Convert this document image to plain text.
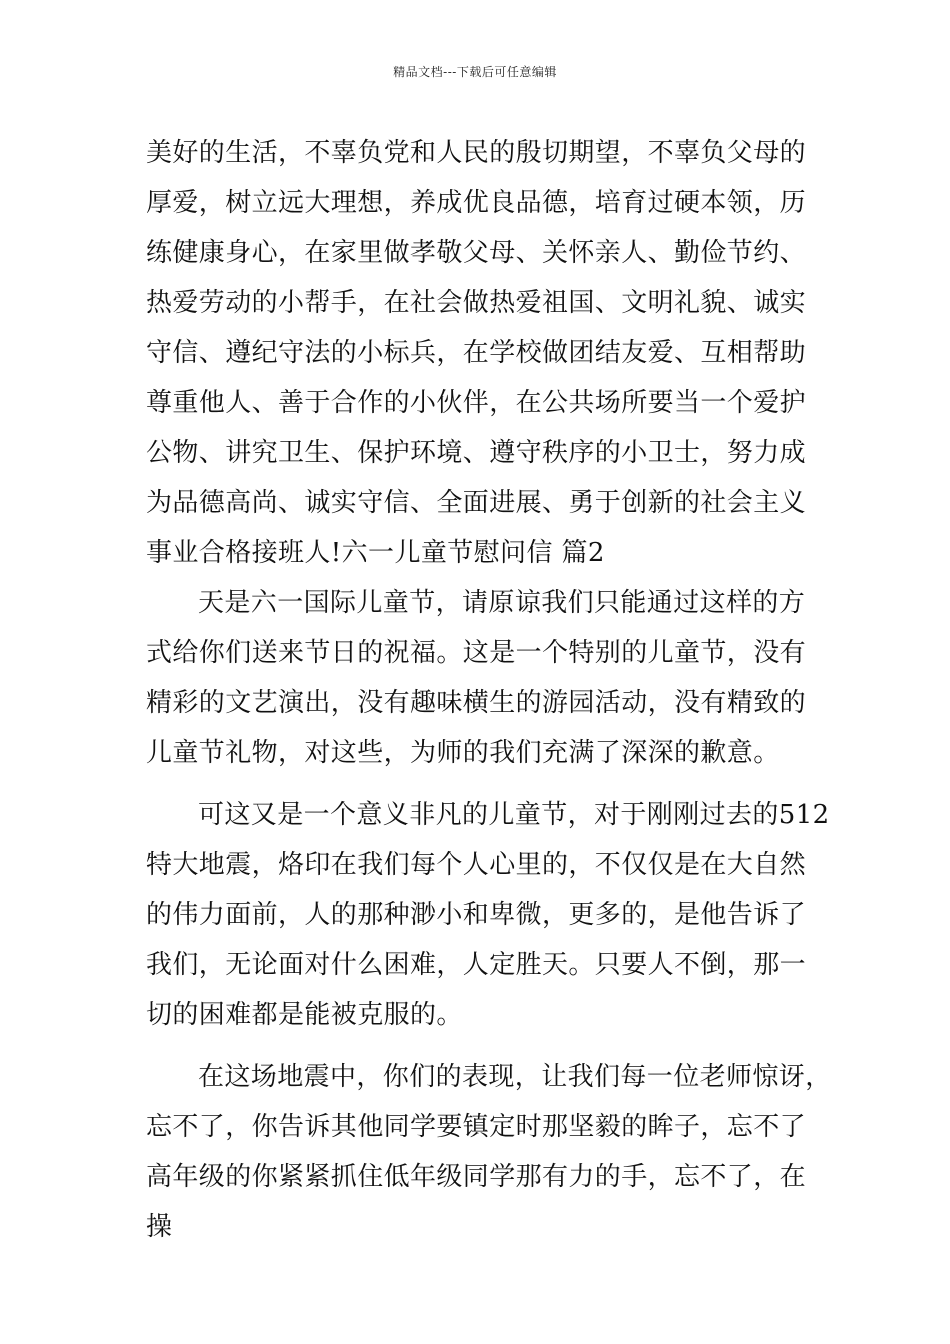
精品文档---下载后可任意编辑
美好的生活，不辜负党和人民的殷切期望，不辜负父母的
厚爱，树立远大理想，养成优良品德，培育过硬本领，历
练健康身心，在家里做孝敬父母、关怀亲人、勤俭节约、
热爱劳动的小帮手，在社会做热爱祖国、文明礼貌、诚实
守信、遵纪守法的小标兵，在学校做团结友爱、互相帮助
尊重他人、善于合作的小伙伴，在公共场所要当一个爱护
公物、讲究卫生、保护环境、遵守秩序的小卫士，努力成
为品德高尚、诚实守信、全面进展、勇于创新的社会主义
事业合格接班人!六一儿童节慰问信 篇2
天是六一国际儿童节，请原谅我们只能通过这样的方
式给你们送来节日的祝福。这是一个特别的儿童节，没有
精彩的文艺演出，没有趣味横生的游园活动，没有精致的
儿童节礼物，对这些，为师的我们充满了深深的歉意。
可这又是一个意义非凡的儿童节，对于刚刚过去的512
特大地震，烙印在我们每个人心里的，不仅仅是在大自然
的伟力面前，人的那种渺小和卑微，更多的，是他告诉了
我们，无论面对什么困难，人定胜天。只要人不倒，那一
切的困难都是能被克服的。
在这场地震中，你们的表现，让我们每一位老师惊讶，
忘不了，你告诉其他同学要镇定时那坚毅的眸子，忘不了
高年级的你紧紧抓住低年级同学那有力的手，忘不了，在
操
